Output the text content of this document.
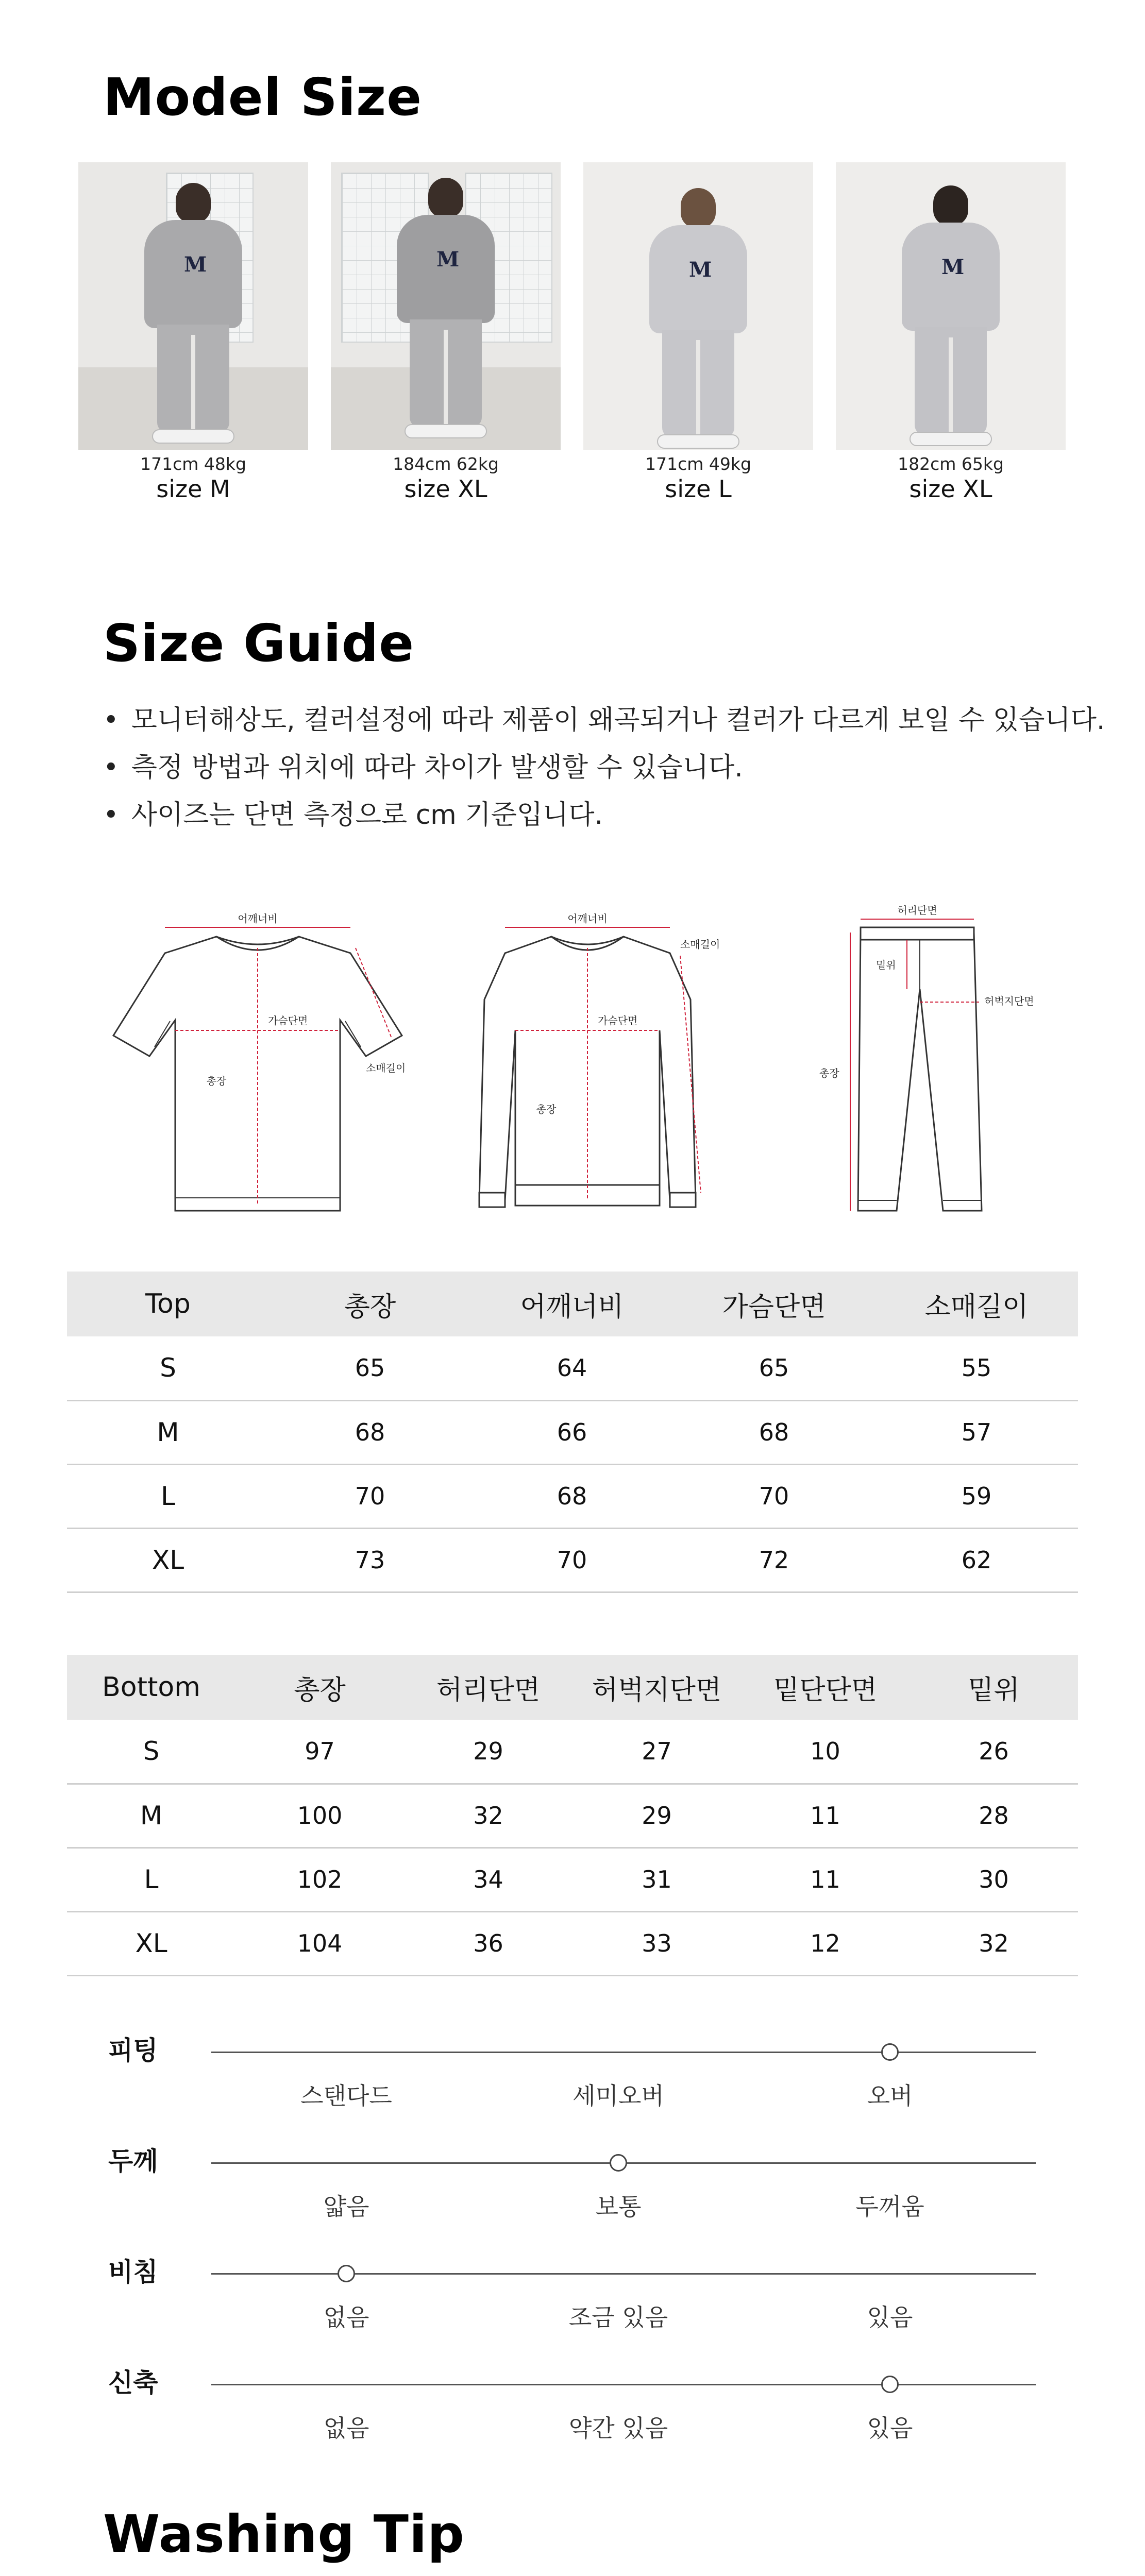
Model Size
M
171cm 48kg
size M
M
184cm 62kg
size XL
M
171cm 49kg
size L
M
182cm 65kg
size XL
Size Guide
• 모니터해상도, 컬러설정에 따라 제품이 왜곡되거나 컬러가 다르게 보일 수 있습니다.
• 측정 방법과 위치에 따라 차이가 발생할 수 있습니다.
• 사이즈는 단면 측정으로 cm 기준입니다.
어깨너비
가슴단면
총장
소매길이
어깨너비
가슴단면
총장
소매길이
허리단면
밑위
허벅지단면
총장
Top	총장	어깨너비	가슴단면	소매길이
S	65	64	65	55
M	68	66	68	57
L	70	68	70	59
XL	73	70	72	62
Bottom	총장	허리단면	허벅지단면	밑단단면	밑위
S	97	29	27	10	26
M	100	32	29	11	28
L	102	34	31	11	30
XL	104	36	33	12	32
피팅
스탠다드	세미오버	오버
두께
얇음	보통	두꺼움
비침
없음	조금 있음	있음
신축
없음	약간 있음	있음
Washing Tip
